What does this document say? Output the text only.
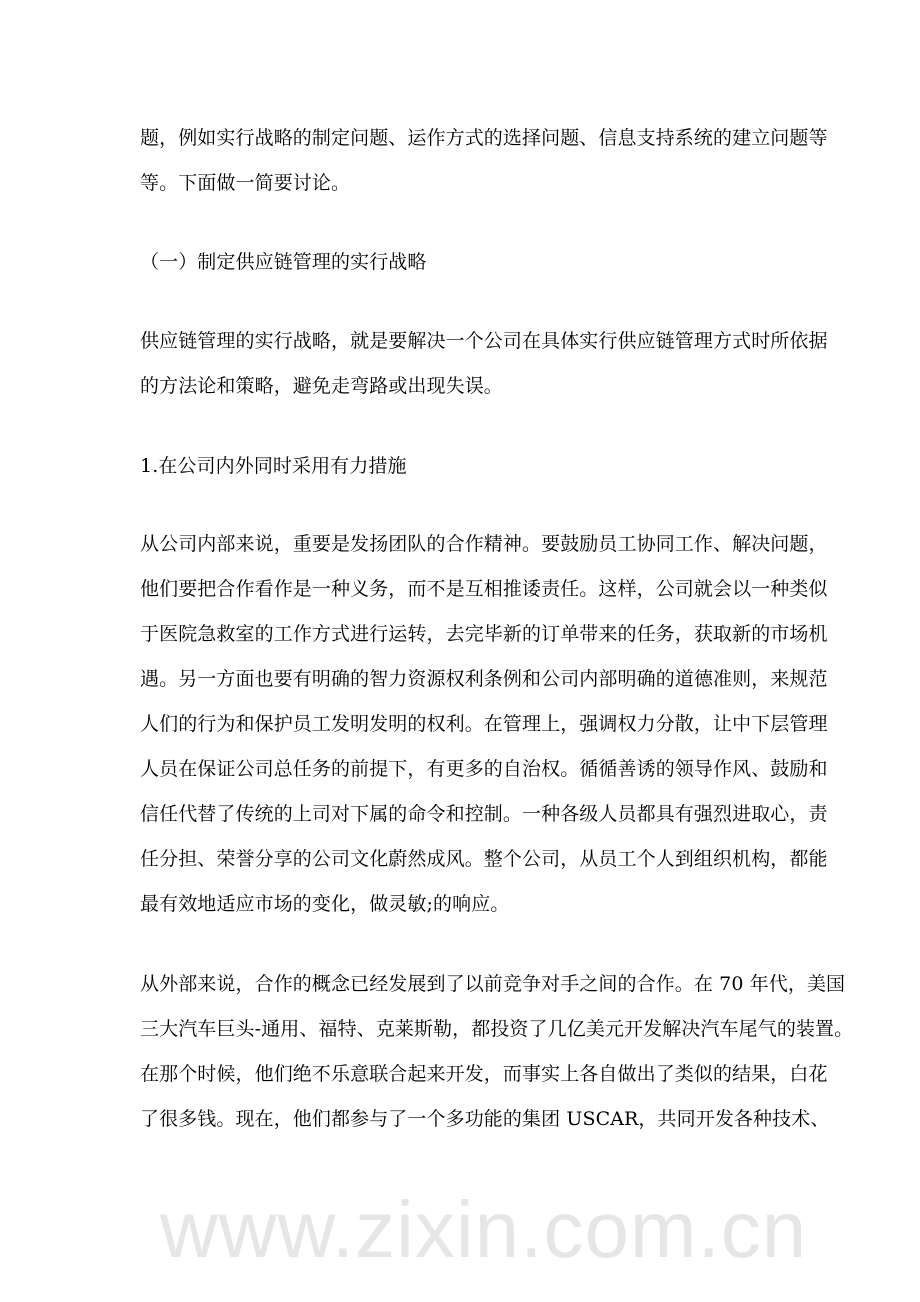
www.zixin.com.cn
题，例如实行战略的制定问题、运作方式的选择问题、信息支持系统的建立问题等
等。下面做一简要讨论。
（一）制定供应链管理的实行战略
供应链管理的实行战略，就是要解决一个公司在具体实行供应链管理方式时所依据
的方法论和策略，避免走弯路或出现失误。
1.在公司内外同时采用有力措施
从公司内部来说，重要是发扬团队的合作精神。要鼓励员工协同工作、解决问题，
他们要把合作看作是一种义务，而不是互相推诿责任。这样，公司就会以一种类似
于医院急救室的工作方式进行运转，去完毕新的订单带来的任务，获取新的市场机
遇。另一方面也要有明确的智力资源权利条例和公司内部明确的道德准则，来规范
人们的行为和保护员工发明发明的权利。在管理上，强调权力分散，让中下层管理
人员在保证公司总任务的前提下，有更多的自治权。循循善诱的领导作风、鼓励和
信任代替了传统的上司对下属的命令和控制。一种各级人员都具有强烈进取心，责
任分担、荣誉分享的公司文化蔚然成风。整个公司，从员工个人到组织机构，都能
最有效地适应市场的变化，做灵敏;的响应。
从外部来说，合作的概念已经发展到了以前竞争对手之间的合作。在 70 年代，美国
三大汽车巨头-通用、福特、克莱斯勒，都投资了几亿美元开发解决汽车尾气的装置。
在那个时候，他们绝不乐意联合起来开发，而事实上各自做出了类似的结果，白花
了很多钱。现在，他们都参与了一个多功能的集团 USCAR，共同开发各种技术、
